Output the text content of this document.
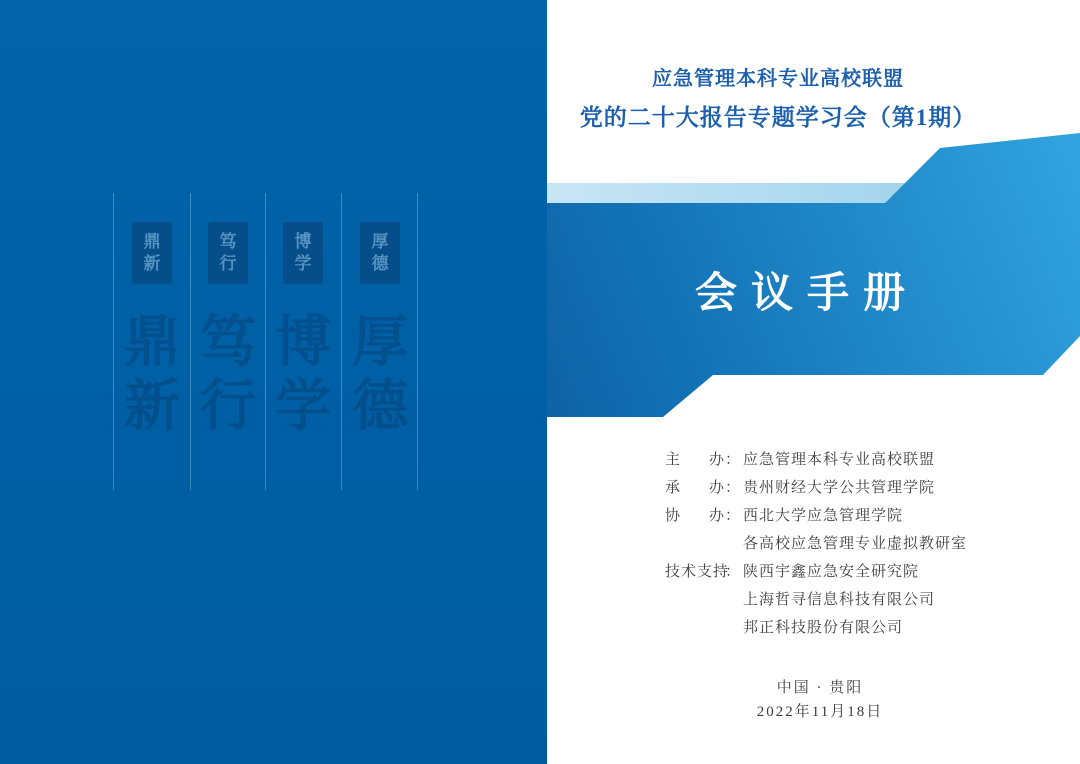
鼎
新
鼎
新
笃
行
笃
行
博
学
博
学
厚
德
厚
德
应急管理本科专业高校联盟
党的二十大报告专题学习会（第1期）
会议手册
主办： 应急管理本科专业高校联盟
承办： 贵州财经大学公共管理学院
协办： 西北大学应急管理学院
各高校应急管理专业虚拟教研室
技术支持： 陕西宇鑫应急安全研究院
上海哲寻信息科技有限公司
邦正科技股份有限公司
中国 · 贵阳
2022年11月18日
